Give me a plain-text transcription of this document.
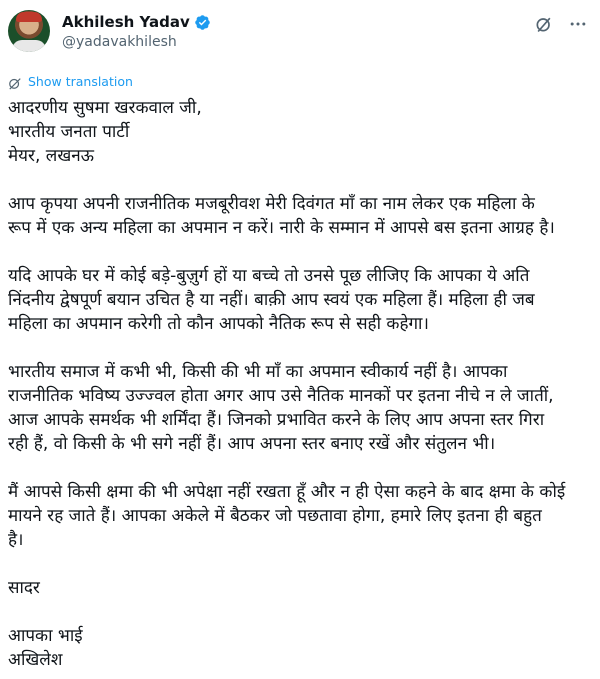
Akhilesh Yadav
@yadavakhilesh
Show translation
आदरणीय सुषमा खरकवाल जी,
भारतीय जनता पार्टी
मेयर, लखनऊ
आप कृपया अपनी राजनीतिक मजबूरीवश मेरी दिवंगत माँ का नाम लेकर एक महिला के
रूप में एक अन्य महिला का अपमान न करें। नारी के सम्मान में आपसे बस इतना आग्रह है।
यदि आपके घर में कोई बड़े-बुज़ुर्ग हों या बच्चे तो उनसे पूछ लीजिए कि आपका ये अति
निंदनीय द्वेषपूर्ण बयान उचित है या नहीं। बाक़ी आप स्वयं एक महिला हैं। महिला ही जब
महिला का अपमान करेगी तो कौन आपको नैतिक रूप से सही कहेगा।
भारतीय समाज में कभी भी, किसी की भी माँ का अपमान स्वीकार्य नहीं है। आपका
राजनीतिक भविष्य उज्ज्वल होता अगर आप उसे नैतिक मानकों पर इतना नीचे न ले जातीं,
आज आपके समर्थक भी शर्मिंदा हैं। जिनको प्रभावित करने के लिए आप अपना स्तर गिरा
रही हैं, वो किसी के भी सगे नहीं हैं। आप अपना स्तर बनाए रखें और संतुलन भी।
मैं आपसे किसी क्षमा की भी अपेक्षा नहीं रखता हूँ और न ही ऐसा कहने के बाद क्षमा के कोई
मायने रह जाते हैं। आपका अकेले में बैठकर जो पछतावा होगा, हमारे लिए इतना ही बहुत
है।
सादर
आपका भाई
अखिलेश
